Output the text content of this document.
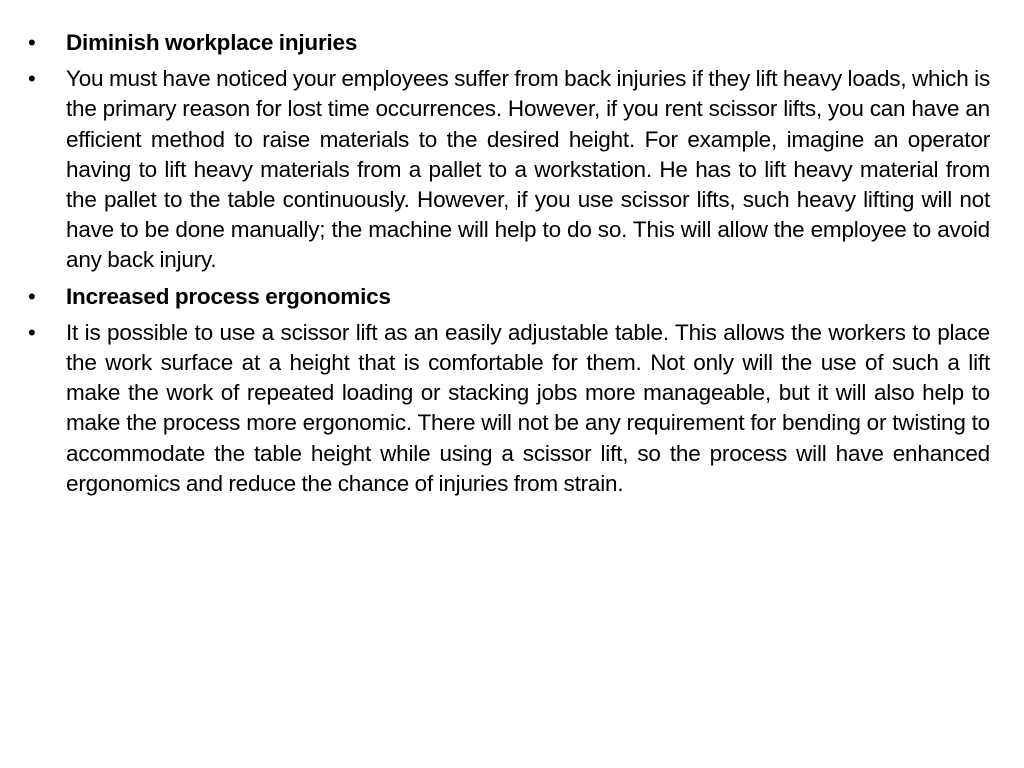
•	Diminish workplace injuries
•	You must have noticed your employees suffer from back injuries if they lift heavy loads, which is the primary reason for lost time occurrences. However, if you rent scissor lifts, you can have an efficient method to raise materials to the desired height. For example, imagine an operator having to lift heavy materials from a pallet to a workstation. He has to lift heavy material from the pallet to the table continuously. However, if you use scissor lifts, such heavy lifting will not have to be done manually; the machine will help to do so. This will allow the employee to avoid any back injury.
•	Increased process ergonomics
•	It is possible to use a scissor lift as an easily adjustable table. This allows the workers to place the work surface at a height that is comfortable for them. Not only will the use of such a lift make the work of repeated loading or stacking jobs more manageable, but it will also help to make the process more ergonomic. There will not be any requirement for bending or twisting to accommodate the table height while using a scissor lift, so the process will have enhanced ergonomics and reduce the chance of injuries from strain.
